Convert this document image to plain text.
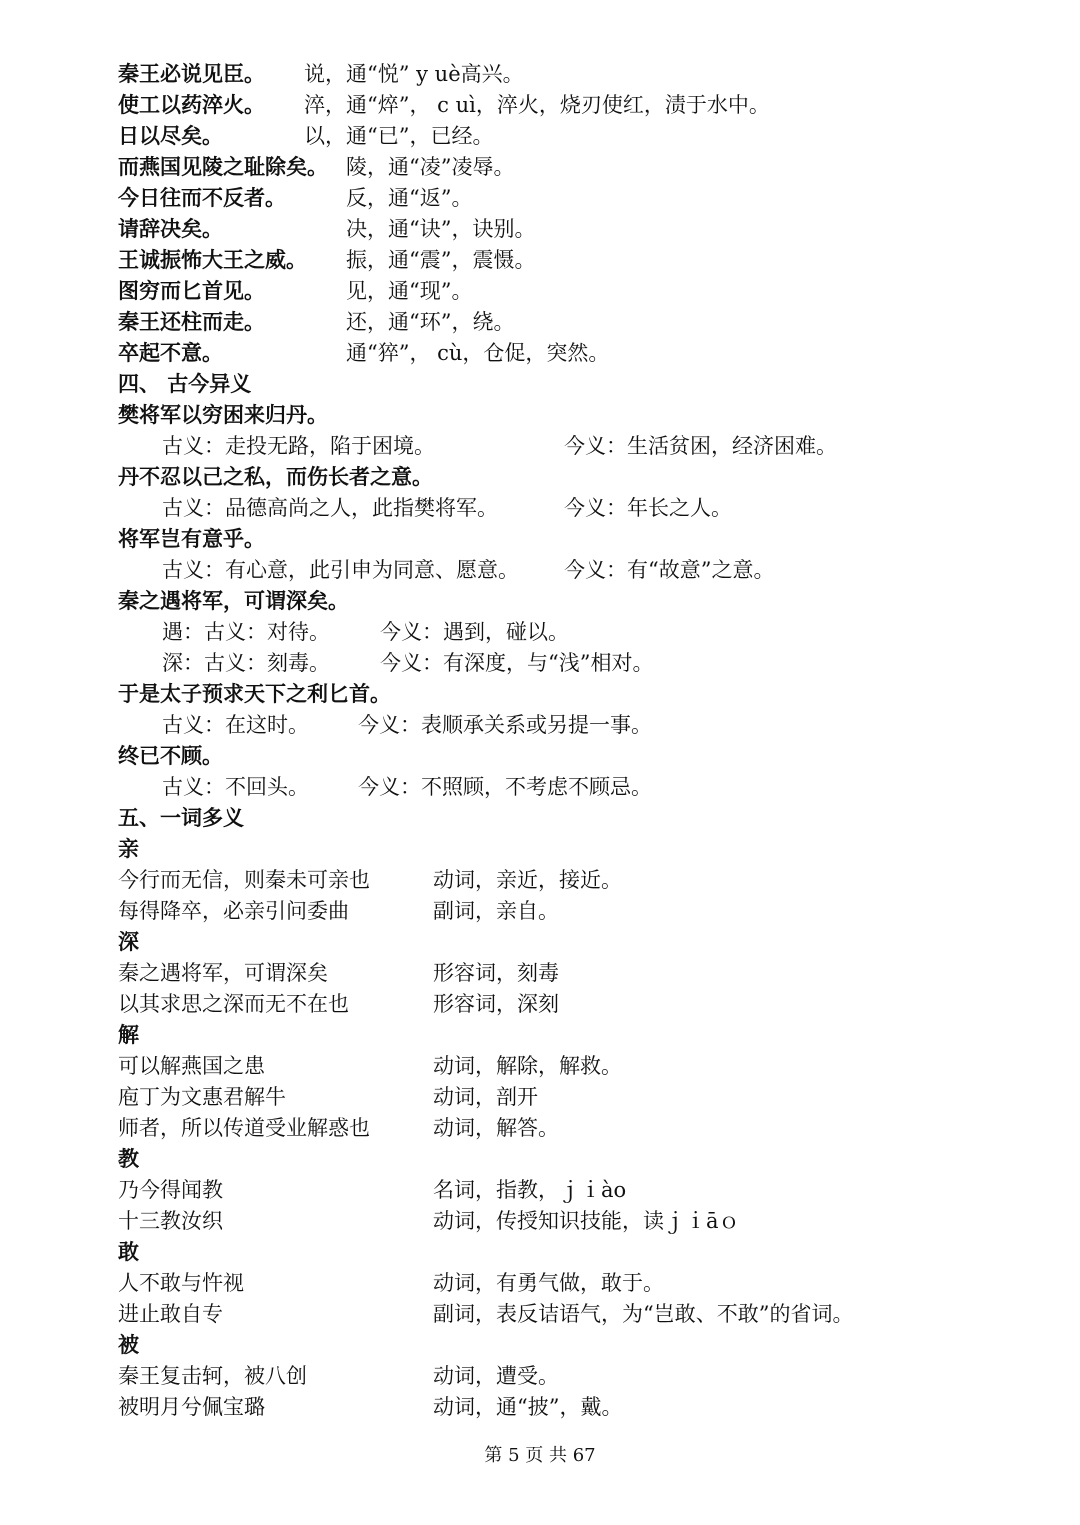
秦王必说见臣。 说，通“悦” y uè高兴。
使工以药淬火。 淬，通“焠”， c uì，淬火，烧刃使红，渍于水中。
日以尽矣。	以，通“已”，已经。
而燕国见陵之耻除矣。 陵，通“凌”凌辱。
今日往而不反者。	反，通“返”。
请辞决矣。	决，通“诀”，诀别。
王诚振怖大王之威。 振，通“震”，震慑。
图穷而匕首见。	见，通“现”。
秦王还柱而走。	还，通“环”，绕。
卒起不意。	通“猝”， cù，仓促，突然。
四、 古今异义
樊将军以穷困来归丹。
古义：走投无路，陷于困境。	今义：生活贫困，经济困难。
丹不忍以己之私，而伤长者之意。
古义：品德高尚之人，此指樊将军。	今义：年长之人。
将军岂有意乎。
古义：有心意，此引申为同意、愿意。 今义：有“故意”之意。
秦之遇将军，可谓深矣。
遇：古义：对待。 今义：遇到，碰以。
深：古义：刻毒。 今义：有深度，与“浅”相对。
于是太子预求天下之利匕首。
古义：在这时。 今义：表顺承关系或另提一事。
终已不顾。
古义：不回头。 今义：不照顾，不考虑不顾忌。
五、一词多义
亲
今行而无信，则秦未可亲也	动词，亲近，接近。
每得降卒，必亲引问委曲	副词，亲自。
深
秦之遇将军，可谓深矣	形容词，刻毒
以其求思之深而无不在也	形容词，深刻
解
可以解燕国之患	动词，解除，解救。
庖丁为文惠君解牛	动词，剖开
师者，所以传道受业解惑也	动词，解答。
教
乃今得闻教	名词，指教，ｊｉào
十三教汝织	动词，传授知识技能，读ｊｉāｏ
敢
人不敢与忤视	动词，有勇气做，敢于。
进止敢自专	副词，表反诘语气，为“岂敢、不敢”的省词。
被
秦王复击轲，被八创	动词，遭受。
被明月兮佩宝璐	动词，通“披”，戴。
第 5 页 共 67
